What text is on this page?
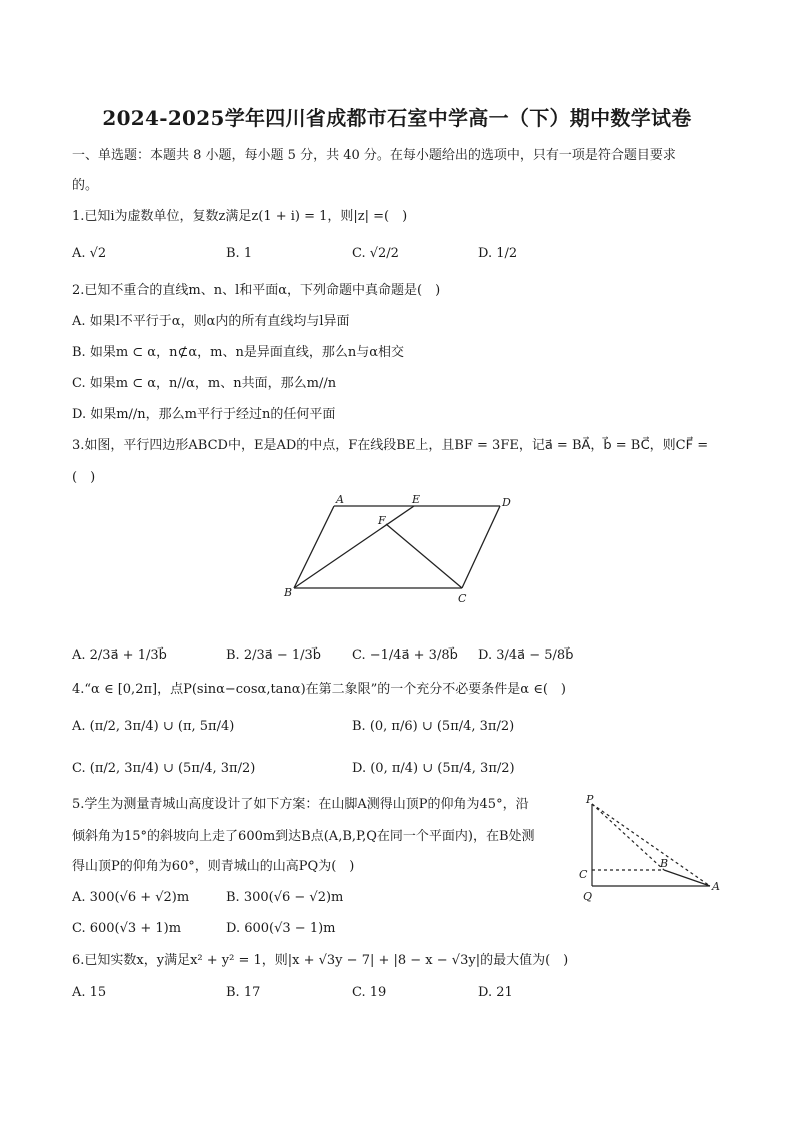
2024-2025学年四川省成都市石室中学高一（下）期中数学试卷
一、单选题：本题共 8 小题，每小题 5 分，共 40 分。在每小题给出的选项中，只有一项是符合题目要求
的。
1.已知i为虚数单位，复数z满足z(1 + i) = 1，则|z| =(　)
A. √2	B. 1	C. √2/2	D. 1/2
2.已知不重合的直线m、n、l和平面α，下列命题中真命题是(　)
A. 如果l不平行于α，则α内的所有直线均与l异面
B. 如果m ⊂ α，n⊄α，m、n是异面直线，那么n与α相交
C. 如果m ⊂ α，n//α，m、n共面，那么m//n
D. 如果m//n，那么m平行于经过n的任何平面
3.如图，平行四边形ABCD中，E是AD的中点，F在线段BE上，且BF = 3FE，记a⃗ = BA⃗，b⃗ = BC⃗，则CF⃗ =
(　)
A	E	D
F
B	C
A. 2/3a⃗ + 1/3b⃗	B. 2/3a⃗ − 1/3b⃗ C. −1/4a⃗ + 3/8b⃗ D. 3/4a⃗ − 5/8b⃗
4.“α ∈ [0,2π]，点P(sinα−cosα,tanα)在第二象限”的一个充分不必要条件是α ∈(　)
A. (π/2, 3π/4) ∪ (π, 5π/4)	B. (0, π/6) ∪ (5π/4, 3π/2)
C. (π/2, 3π/4) ∪ (5π/4, 3π/2)	D. (0, π/4) ∪ (5π/4, 3π/2)
5.学生为测量青城山高度设计了如下方案：在山脚A测得山顶P的仰角为45°，沿
倾斜角为15°的斜坡向上走了600m到达B点(A,B,P,Q在同一个平面内)，在B处测
得山顶P的仰角为60°，则青城山的山高PQ为(　)
P
C
Q
B
A
A. 300(√6 + √2)m	B. 300(√6 − √2)m
C. 600(√3 + 1)m	D. 600(√3 − 1)m
6.已知实数x，y满足x² + y² = 1，则|x + √3y − 7| + |8 − x − √3y|的最大值为(　)
A. 15	B. 17	C. 19	D. 21
